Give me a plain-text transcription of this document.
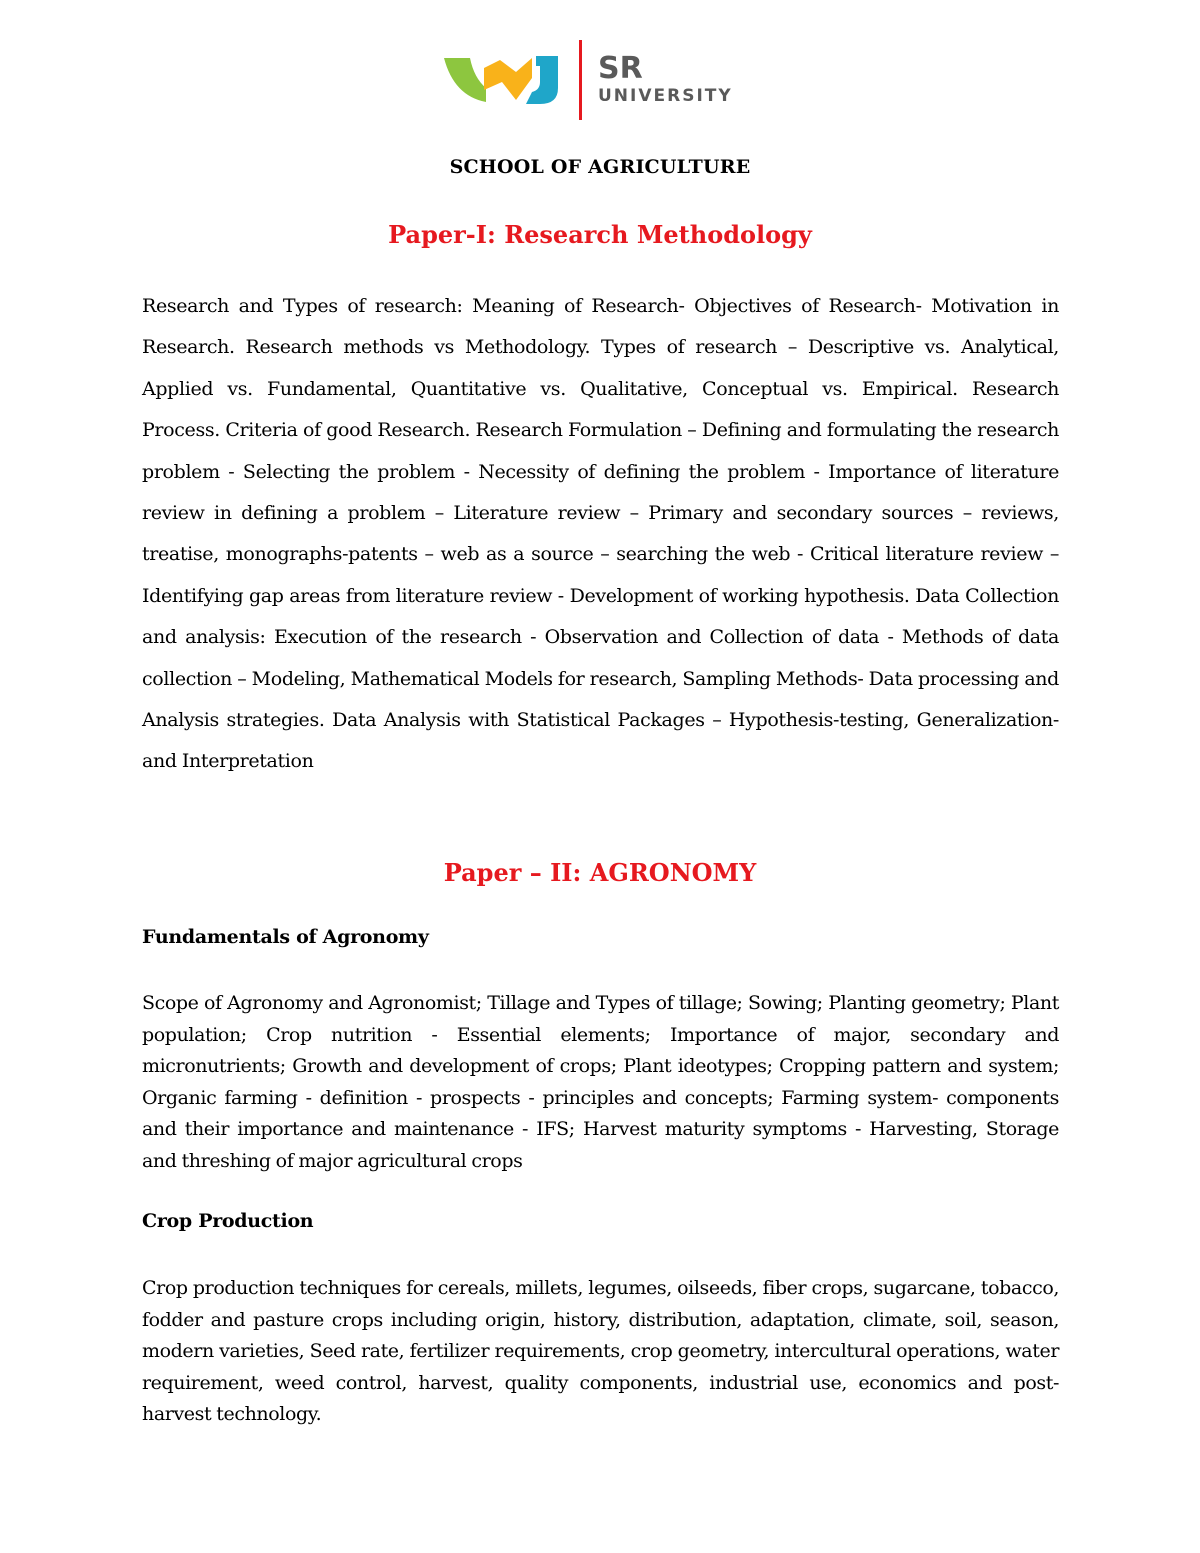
SR
UNIVERSITY
SCHOOL OF AGRICULTURE
Paper-I: Research Methodology
Research and Types of research: Meaning of Research- Objectives of Research- Motivation in Research. Research methods vs Methodology. Types of research – Descriptive vs. Analytical, Applied vs. Fundamental, Quantitative vs. Qualitative, Conceptual vs. Empirical. Research Process. Criteria of good Research. Research Formulation – Defining and formulating the research problem - Selecting the problem - Necessity of defining the problem - Importance of literature review in defining a problem – Literature review – Primary and secondary sources – reviews, treatise, monographs-patents – web as a source – searching the web - Critical literature review – Identifying gap areas from literature review - Development of working hypothesis. Data Collection and analysis: Execution of the research - Observation and Collection of data - Methods of data collection – Modeling, Mathematical Models for research, Sampling Methods- Data processing and Analysis strategies. Data Analysis with Statistical Packages – Hypothesis-testing, Generalization-and Interpretation
Paper – II: AGRONOMY
Fundamentals of Agronomy
Scope of Agronomy and Agronomist; Tillage and Types of tillage; Sowing; Planting geometry; Plant population; Crop nutrition - Essential elements; Importance of major, secondary and micronutrients; Growth and development of crops; Plant ideotypes; Cropping pattern and system; Organic farming - definition - prospects - principles and concepts; Farming system- components and their importance and maintenance - IFS; Harvest maturity symptoms - Harvesting, Storage and threshing of major agricultural crops
Crop Production
Crop production techniques for cereals, millets, legumes, oilseeds, fiber crops, sugarcane, tobacco, fodder and pasture crops including origin, history, distribution, adaptation, climate, soil, season, modern varieties, Seed rate, fertilizer requirements, crop geometry, intercultural operations, water requirement, weed control, harvest, quality components, industrial use, economics and post-harvest technology.
